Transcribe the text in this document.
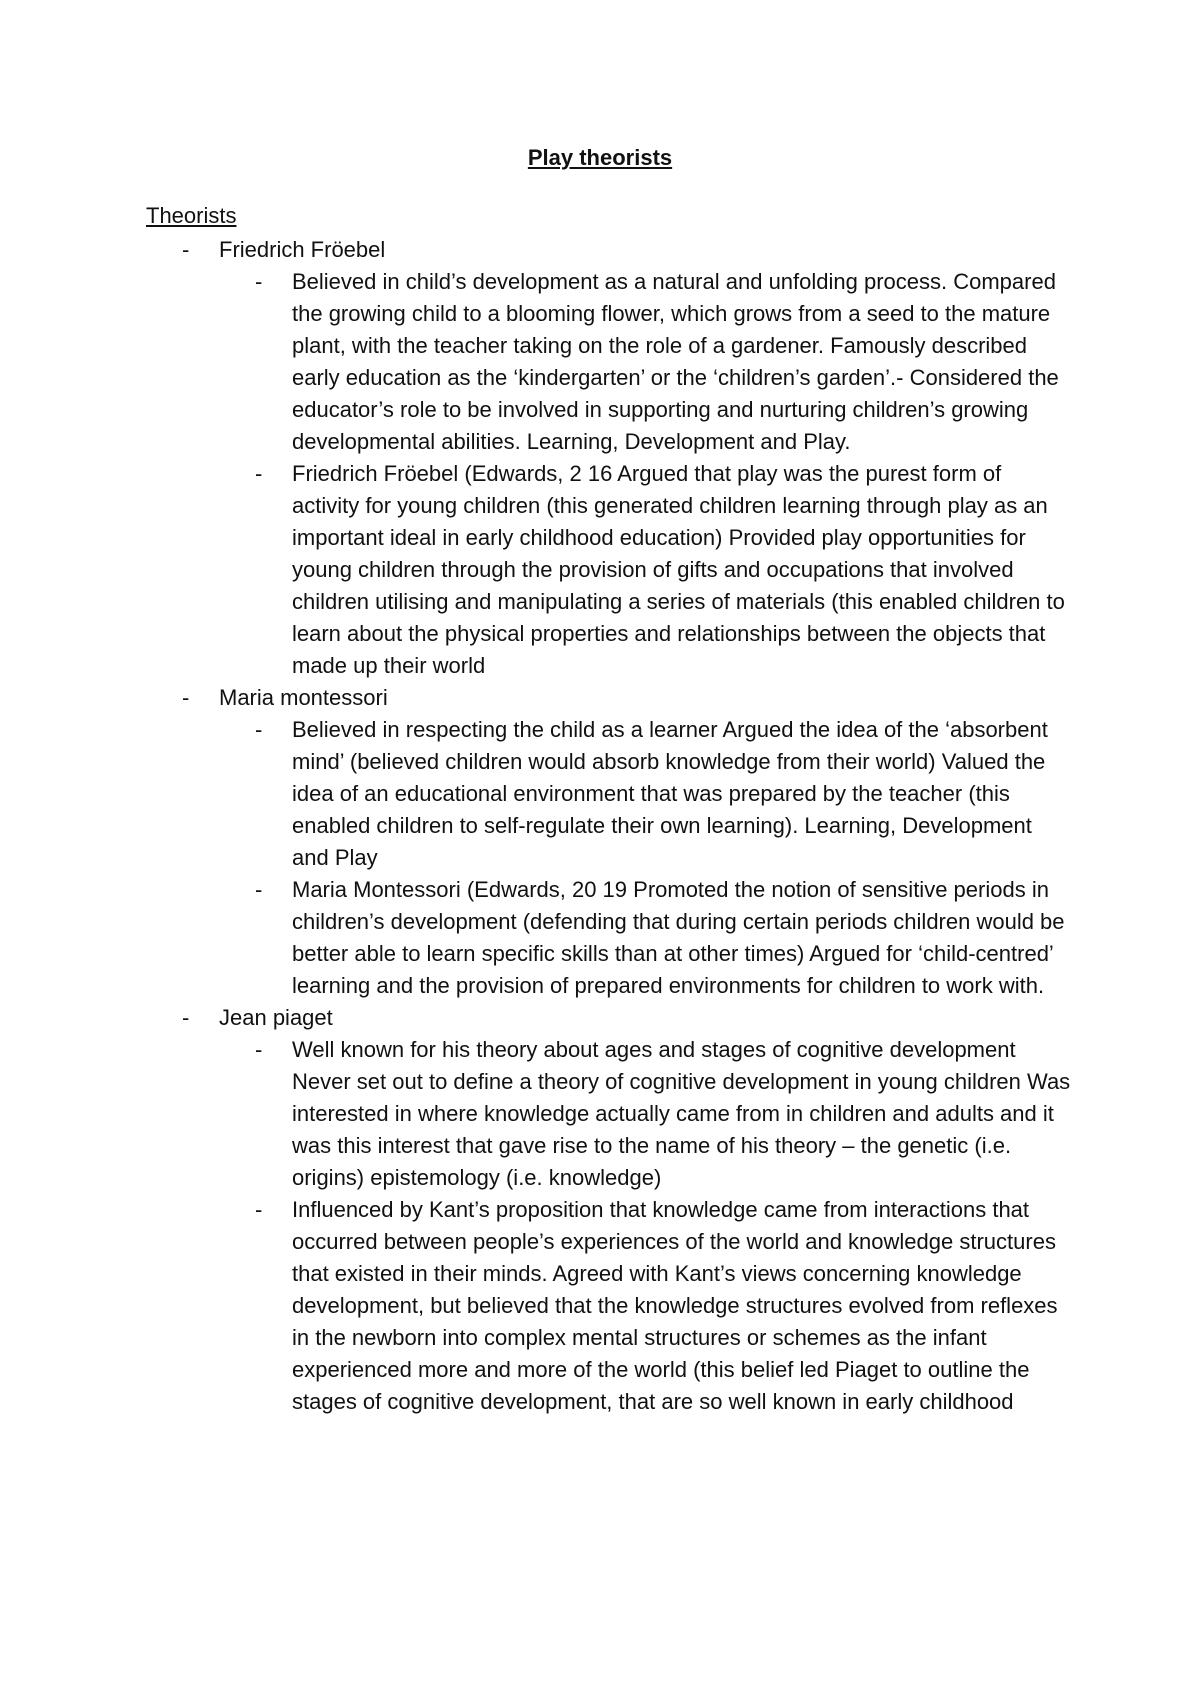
Play theorists
Theorists
- Friedrich Fröebel
- Believed in child’s development as a natural and unfolding process. Compared the growing child to a blooming flower, which grows from a seed to the mature plant, with the teacher taking on the role of a gardener. Famously described early education as the ‘kindergarten’ or the ‘children’s garden’.- Considered the educator’s role to be involved in supporting and nurturing children’s growing developmental abilities. Learning, Development and Play.
- Friedrich Fröebel (Edwards, 2 16 Argued that play was the purest form of activity for young children (this generated children learning through play as an important ideal in early childhood education) Provided play opportunities for young children through the provision of gifts and occupations that involved children utilising and manipulating a series of materials (this enabled children to learn about the physical properties and relationships between the objects that made up their world
- Maria montessori
- Believed in respecting the child as a learner Argued the idea of the ‘absorbent mind’ (believed children would absorb knowledge from their world) Valued the idea of an educational environment that was prepared by the teacher (this enabled children to self-regulate their own learning). Learning, Development and Play
- Maria Montessori (Edwards, 20 19 Promoted the notion of sensitive periods in children’s development (defending that during certain periods children would be better able to learn specific skills than at other times) Argued for ‘child-centred’ learning and the provision of prepared environments for children to work with.
- Jean piaget
- Well known for his theory about ages and stages of cognitive development Never set out to define a theory of cognitive development in young children Was interested in where knowledge actually came from in children and adults and it was this interest that gave rise to the name of his theory – the genetic (i.e. origins) epistemology (i.e. knowledge)
- Influenced by Kant’s proposition that knowledge came from interactions that occurred between people’s experiences of the world and knowledge structures that existed in their minds. Agreed with Kant’s views concerning knowledge development, but believed that the knowledge structures evolved from reflexes in the newborn into complex mental structures or schemes as the infant experienced more and more of the world (this belief led Piaget to outline the stages of cognitive development, that are so well known in early childhood
